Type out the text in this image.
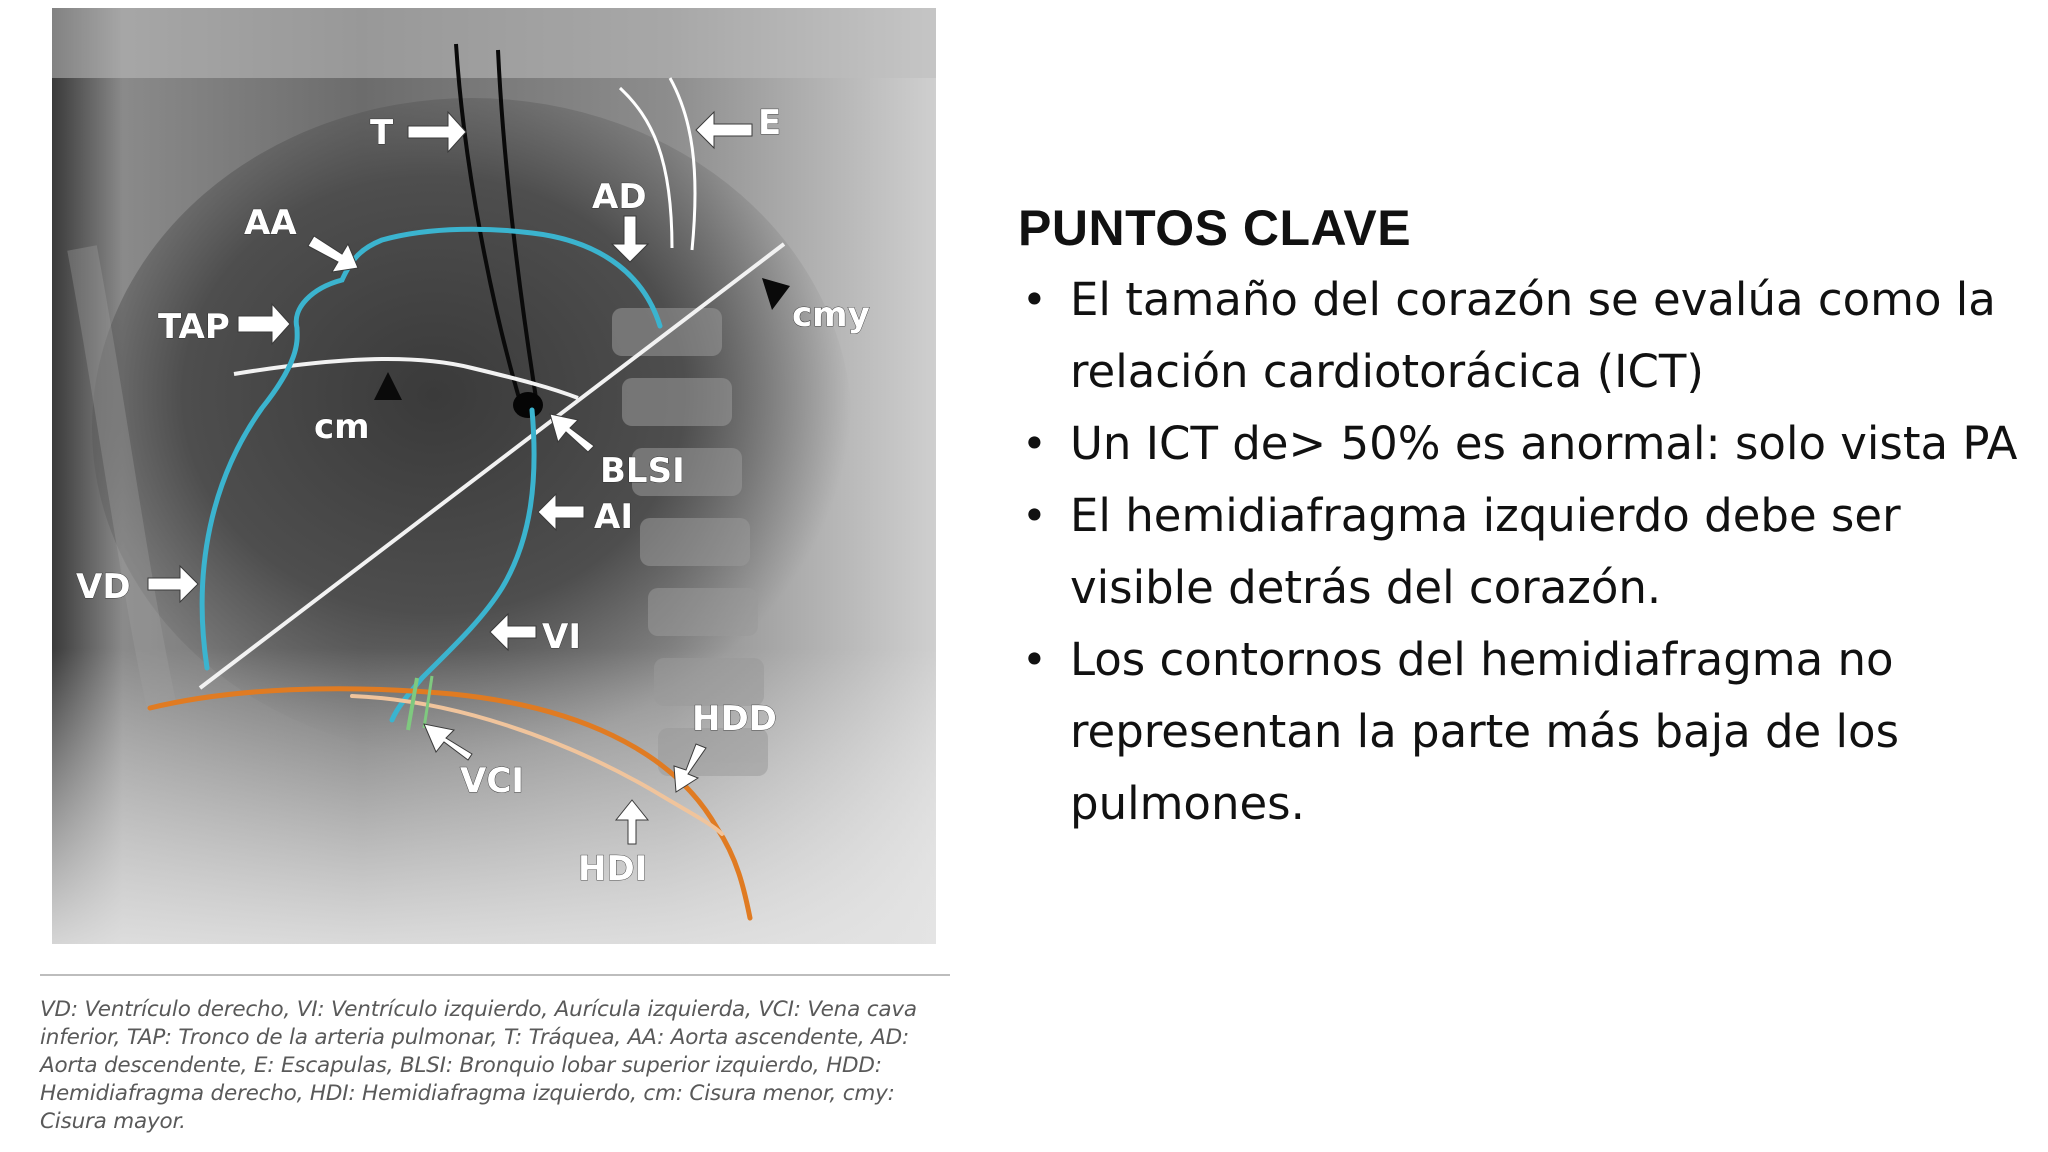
T	E
AD
AA
TAP	cmy
cm
BLSI
AI
VD
VI
HDD
VCI
HDI
VD: Ventrículo derecho, VI: Ventrículo izquierdo, Aurícula izquierda, VCI: Vena cava
inferior, TAP: Tronco de la arteria pulmonar, T: Tráquea, AA: Aorta ascendente, AD:
Aorta descendente, E: Escapulas, BLSI: Bronquio lobar superior izquierdo, HDD:
Hemidiafragma derecho, HDI: Hemidiafragma izquierdo, cm: Cisura menor, cmy:
Cisura mayor.
PUNTOS CLAVE
• El tamaño del corazón se evalúa como la relación cardiotorácica (ICT)
• Un ICT de> 50% es anormal: solo vista PA
• El hemidiafragma izquierdo debe ser visible detrás del corazón.
• Los contornos del hemidiafragma no representan la parte más baja de los pulmones.
